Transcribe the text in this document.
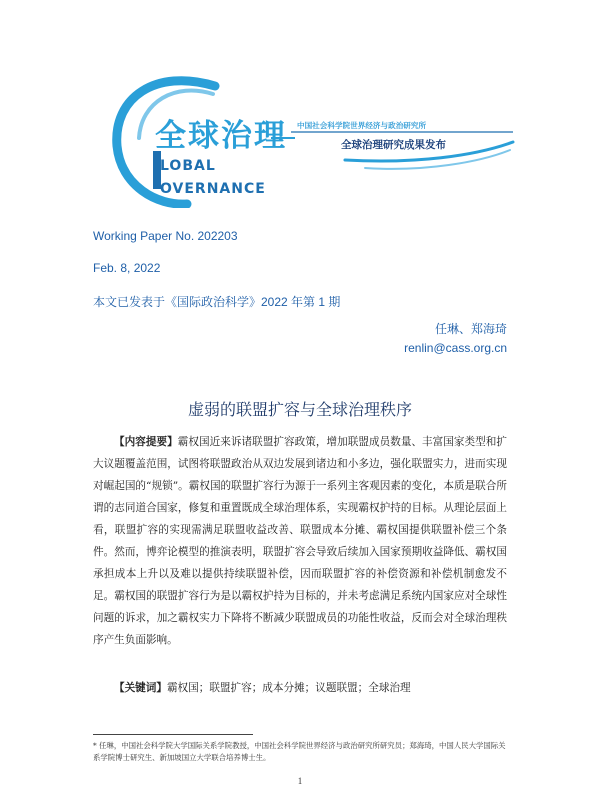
全球治理
LOBAL
OVERNANCE
中国社会科学院世界经济与政治研究所
全球治理研究成果发布
Working Paper No. 202203
Feb. 8, 2022
本文已发表于《国际政治科学》2022 年第 1 期
任琳、郑海琦
renlin@cass.org.cn
虚弱的联盟扩容与全球治理秩序
【内容提要】霸权国近来诉诸联盟扩容政策，增加联盟成员数量、丰富国家类型和扩大议题覆盖范围，试图将联盟政治从双边发展到诸边和小多边，强化联盟实力，进而实现对崛起国的“规锁”。霸权国的联盟扩容行为源于一系列主客观因素的变化，本质是联合所谓的志同道合国家，修复和重置既成全球治理体系，实现霸权护持的目标。从理论层面上看，联盟扩容的实现需满足联盟收益改善、联盟成本分摊、霸权国提供联盟补偿三个条件。然而，博弈论模型的推演表明，联盟扩容会导致后续加入国家预期收益降低、霸权国承担成本上升以及难以提供持续联盟补偿，因而联盟扩容的补偿资源和补偿机制愈发不足。霸权国的联盟扩容行为是以霸权护持为目标的，并未考虑满足系统内国家应对全球性问题的诉求，加之霸权实力下降将不断减少联盟成员的功能性收益，反而会对全球治理秩序产生负面影响。
【关键词】霸权国；联盟扩容；成本分摊；议题联盟；全球治理
* 任琳，中国社会科学院大学国际关系学院教授，中国社会科学院世界经济与政治研究所研究员；郑海琦，中国人民大学国际关系学院博士研究生、新加坡国立大学联合培养博士生。
1
